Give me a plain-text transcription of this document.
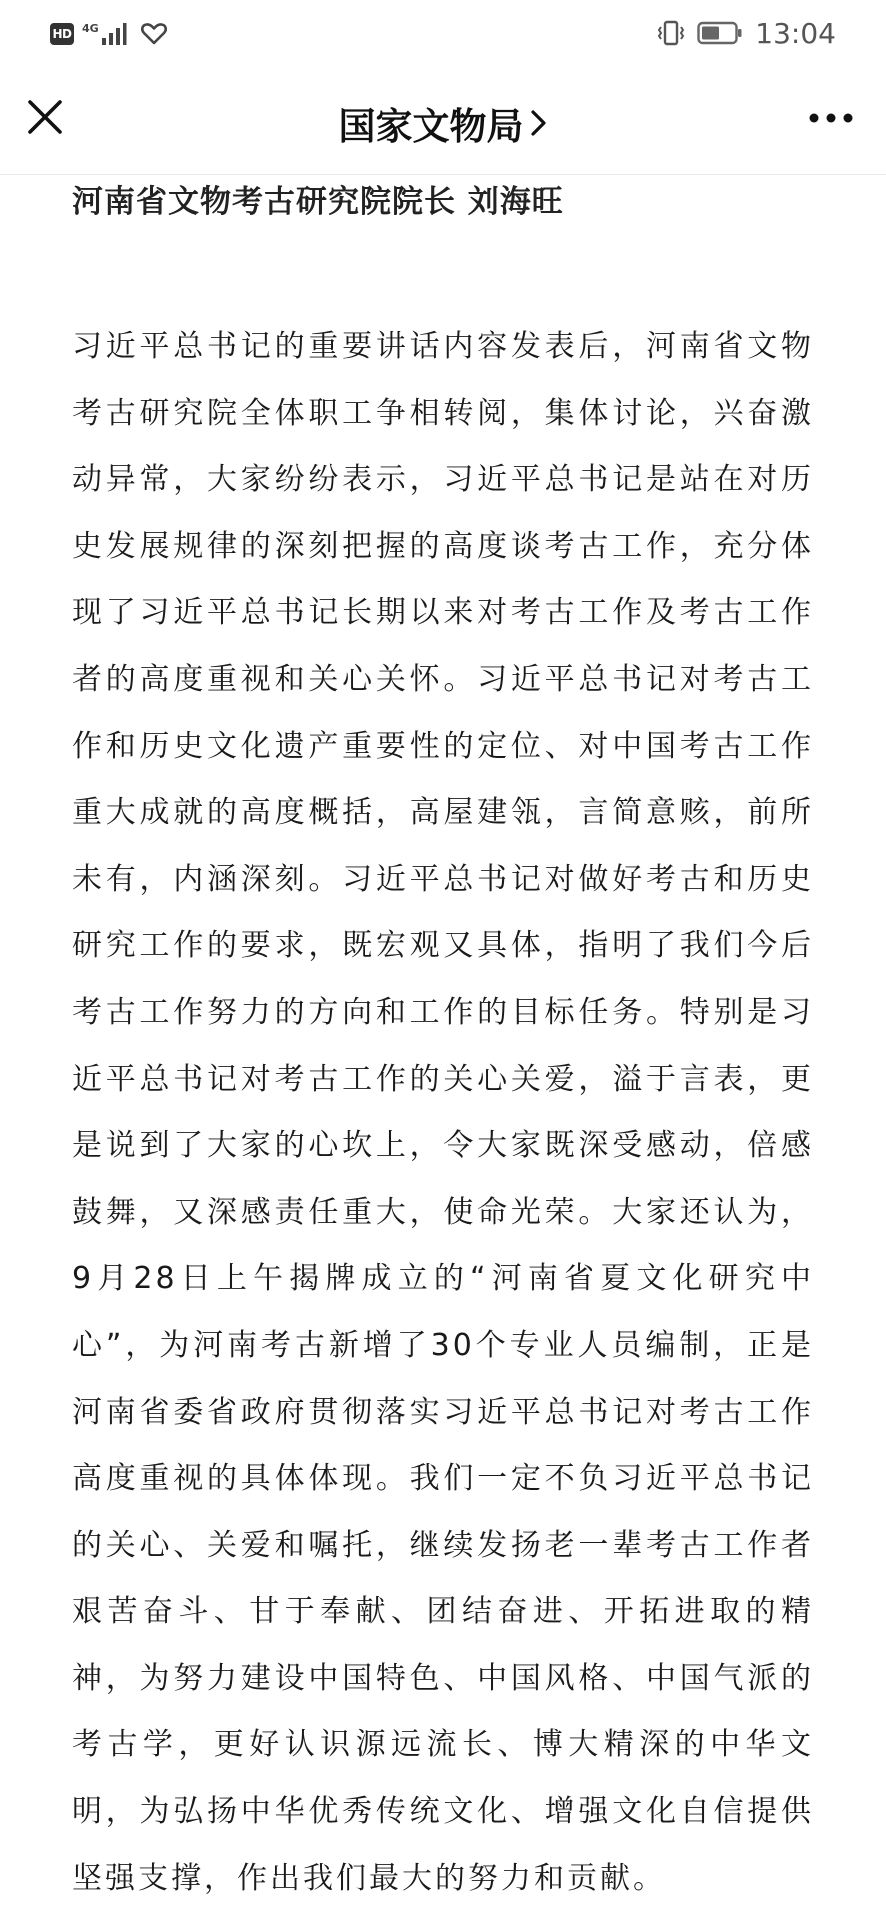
HD 4G	13:04
国家文物局

河南省文物考古研究院院长 刘海旺

习近平总书记的重要讲话内容发表后，河南省文物考古研究院全体职工争相转阅，集体讨论，兴奋激动异常，大家纷纷表示，习近平总书记是站在对历史发展规律的深刻把握的高度谈考古工作，充分体现了习近平总书记长期以来对考古工作及考古工作者的高度重视和关心关怀。习近平总书记对考古工作和历史文化遗产重要性的定位、对中国考古工作重大成就的高度概括，高屋建瓴，言简意赅，前所未有，内涵深刻。习近平总书记对做好考古和历史研究工作的要求，既宏观又具体，指明了我们今后考古工作努力的方向和工作的目标任务。特别是习近平总书记对考古工作的关心关爱，溢于言表，更是说到了大家的心坎上，令大家既深受感动，倍感鼓舞，又深感责任重大，使命光荣。大家还认为，9月28日上午揭牌成立的“河南省夏文化研究中心”，为河南考古新增了30个专业人员编制，正是河南省委省政府贯彻落实习近平总书记对考古工作高度重视的具体体现。我们一定不负习近平总书记的关心、关爱和嘱托，继续发扬老一辈考古工作者艰苦奋斗、甘于奉献、团结奋进、开拓进取的精神，为努力建设中国特色、中国风格、中国气派的考古学，更好认识源远流长、博大精深的中华文明，为弘扬中华优秀传统文化、增强文化自信提供坚强支撑，作出我们最大的努力和贡献。
